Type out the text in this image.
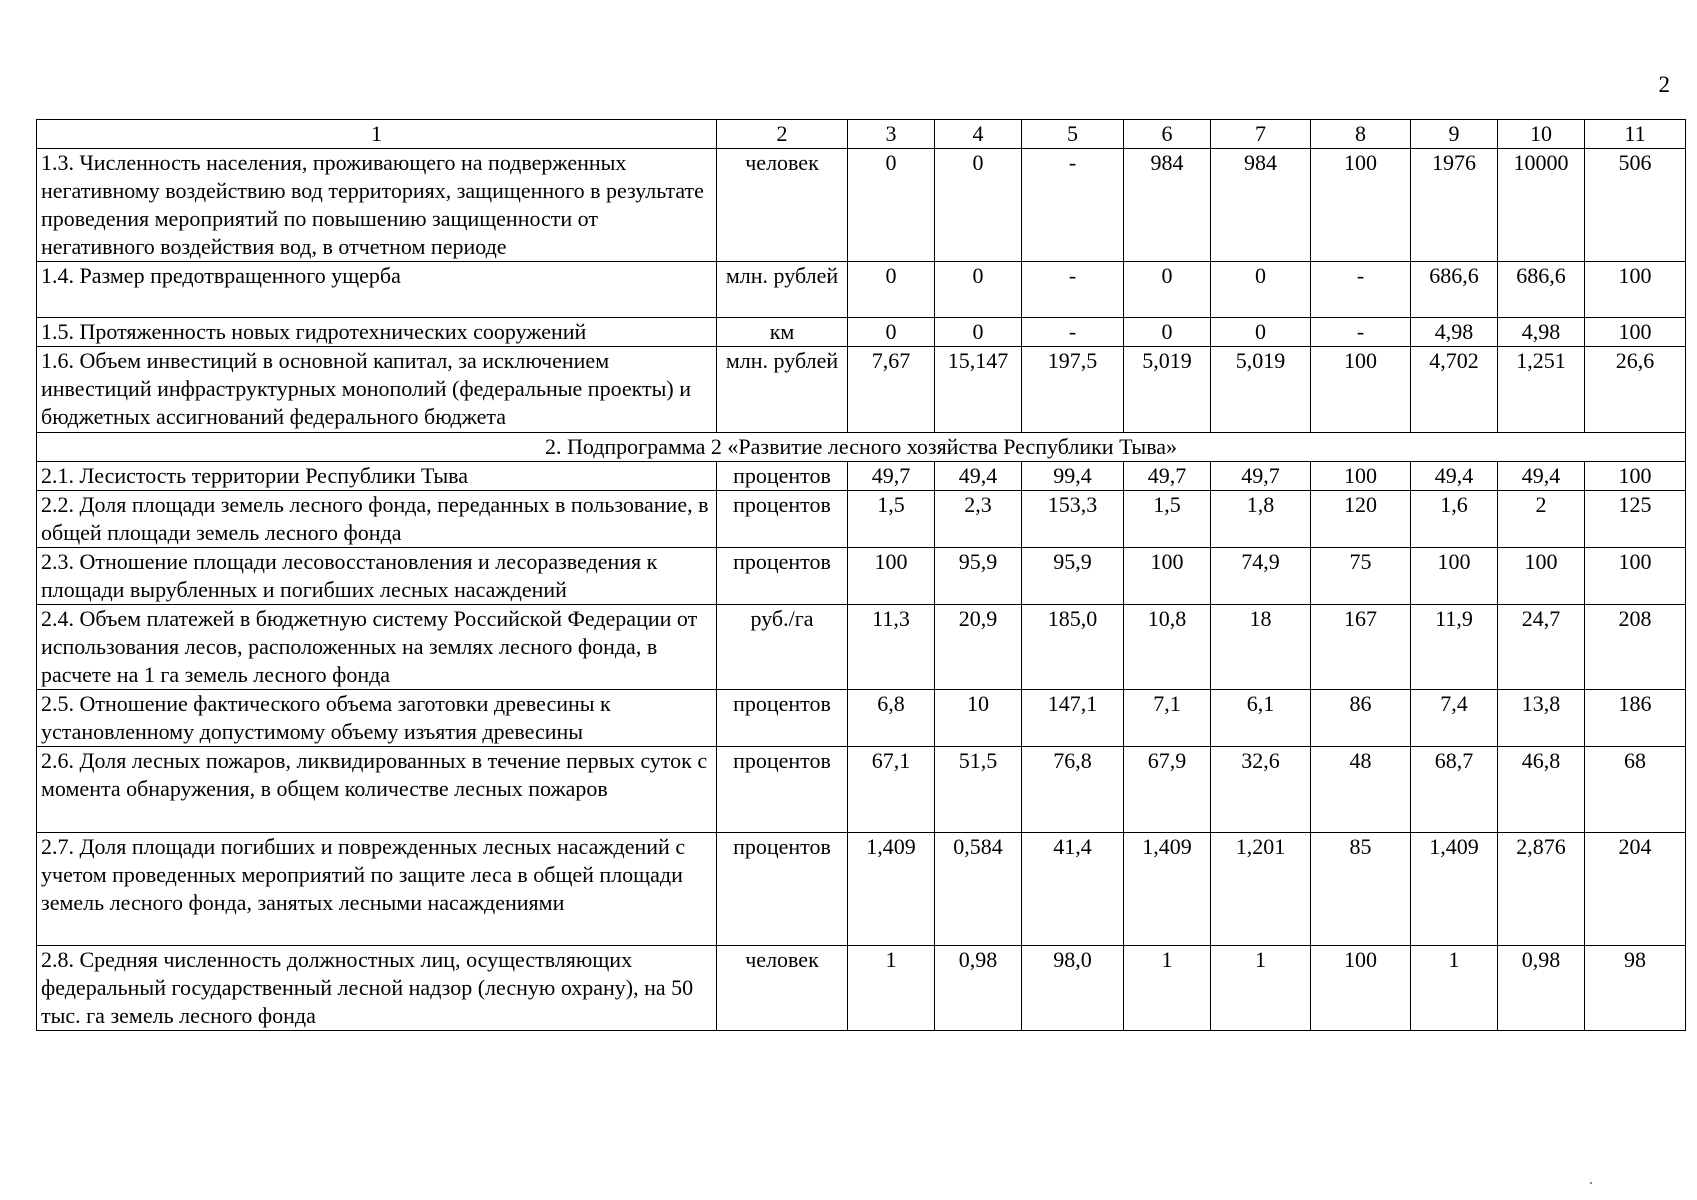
2
1	2	3	4	5	6	7	8	9	10	11
1.3. Численность населения, проживающего на подверженных негативному воздействию вод территориях, защищенного в результате проведения мероприятий по повышению защищенности от негативного воздействия вод, в отчетном периоде	человек	0	0	-	984	984	100	1976	10000	506
1.4. Размер предотвращенного ущерба	млн. рублей	0	0	-	0	0	-	686,6	686,6	100
1.5. Протяженность новых гидротехнических сооружений	км	0	0	-	0	0	-	4,98	4,98	100
1.6. Объем инвестиций в основной капитал, за исключением инвестиций инфраструктурных монополий (федеральные проекты) и бюджетных ассигнований федерального бюджета	млн. рублей	7,67	15,147	197,5	5,019	5,019	100	4,702	1,251	26,6
2. Подпрограмма 2 «Развитие лесного хозяйства Республики Тыва»										
2.1. Лесистость территории Республики Тыва	процентов	49,7	49,4	99,4	49,7	49,7	100	49,4	49,4	100
2.2. Доля площади земель лесного фонда, переданных в пользование, в общей площади земель лесного фонда	процентов	1,5	2,3	153,3	1,5	1,8	120	1,6	2	125
2.3. Отношение площади лесовосстановления и лесоразведения к площади вырубленных и погибших лесных насаждений	процентов	100	95,9	95,9	100	74,9	75	100	100	100
2.4. Объем платежей в бюджетную систему Российской Федерации от использования лесов, расположенных на землях лесного фонда, в расчете на 1 га земель лесного фонда	руб./га	11,3	20,9	185,0	10,8	18	167	11,9	24,7	208
2.5. Отношение фактического объема заготовки древесины к установленному допустимому объему изъятия древесины	процентов	6,8	10	147,1	7,1	6,1	86	7,4	13,8	186
2.6. Доля лесных пожаров, ликвидированных в течение первых суток с момента обнаружения, в общем количестве лесных пожаров	процентов	67,1	51,5	76,8	67,9	32,6	48	68,7	46,8	68
2.7. Доля площади погибших и поврежденных лесных насаждений с учетом проведенных мероприятий по защите леса в общей площади земель лесного фонда, занятых лесными насаждениями	процентов	1,409	0,584	41,4	1,409	1,201	85	1,409	2,876	204
2.8. Средняя численность должностных лиц, осуществляющих федеральный государственный лесной надзор (лесную охрану), на 50 тыс. га земель лесного фонда	человек	1	0,98	98,0	1	1	100	1	0,98	98
